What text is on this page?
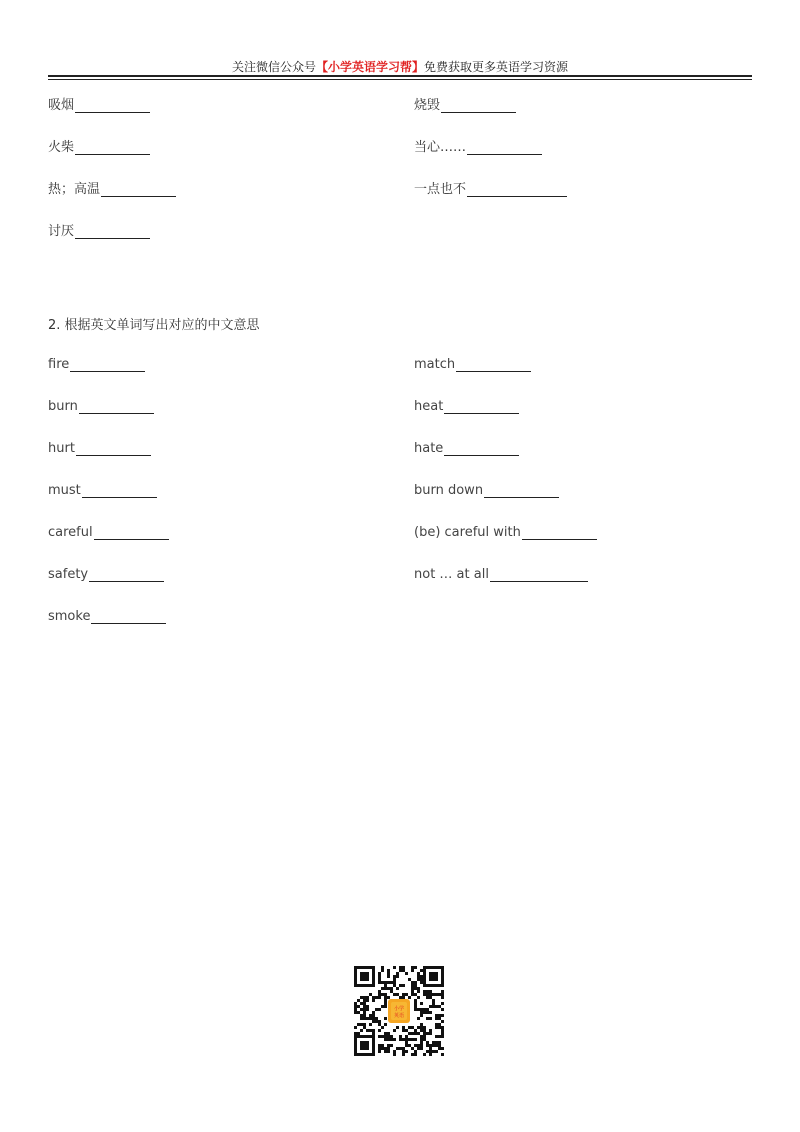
关注微信公众号【小学英语学习帮】免费获取更多英语学习资源
吸烟	烧毁
火柴	当心……
热；高温	一点也不
讨厌
2. 根据英文单词写出对应的中文意思
fire	match
burn	heat
hurt	hate
must	burn down
careful	(be) careful with
safety	not … at all
smoke
小学
英语
